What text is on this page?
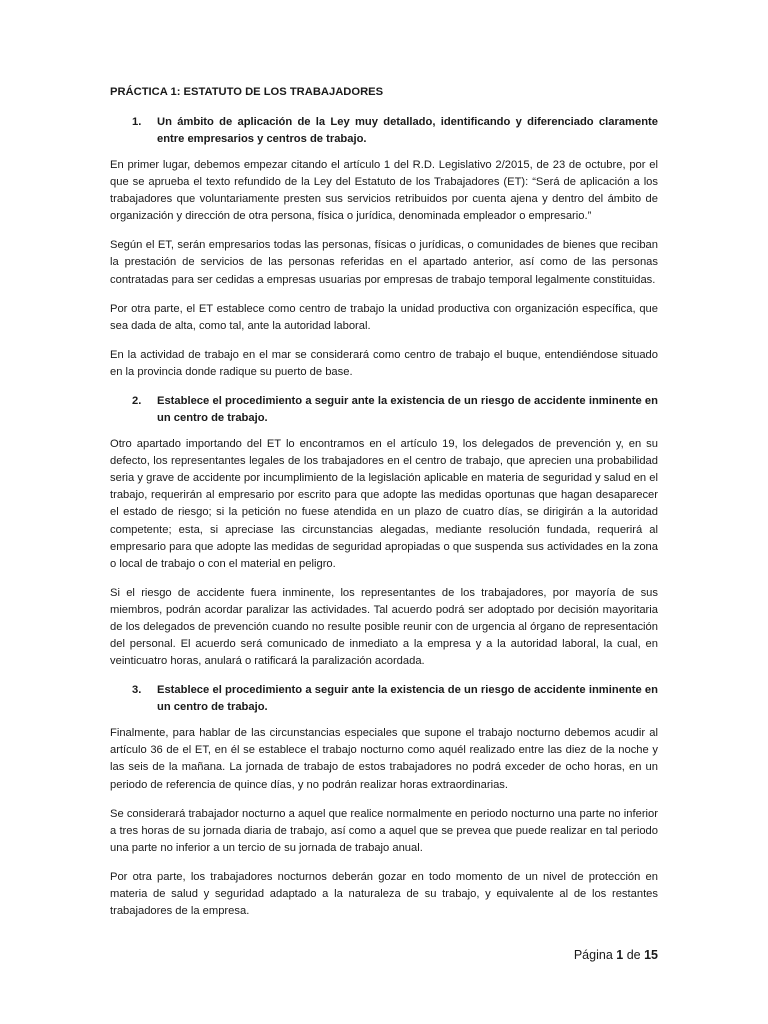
PRÁCTICA 1: ESTATUTO DE LOS TRABAJADORES
1.	Un ámbito de aplicación de la Ley muy detallado, identificando y diferenciado claramente entre empresarios y centros de trabajo.

En primer lugar, debemos empezar citando el artículo 1 del R.D. Legislativo 2/2015, de 23 de octubre, por el que se aprueba el texto refundido de la Ley del Estatuto de los Trabajadores (ET): “Será de aplicación a los trabajadores que voluntariamente presten sus servicios retribuidos por cuenta ajena y dentro del ámbito de organización y dirección de otra persona, física o jurídica, denominada empleador o empresario.”

Según el ET, serán empresarios todas las personas, físicas o jurídicas, o comunidades de bienes que reciban la prestación de servicios de las personas referidas en el apartado anterior, así como de las personas contratadas para ser cedidas a empresas usuarias por empresas de trabajo temporal legalmente constituidas.

Por otra parte, el ET establece como centro de trabajo la unidad productiva con organización específica, que sea dada de alta, como tal, ante la autoridad laboral.

En la actividad de trabajo en el mar se considerará como centro de trabajo el buque, entendiéndose situado en la provincia donde radique su puerto de base.

2.	Establece el procedimiento a seguir ante la existencia de un riesgo de accidente inminente en un centro de trabajo.

Otro apartado importando del ET lo encontramos en el artículo 19, los delegados de prevención y, en su defecto, los representantes legales de los trabajadores en el centro de trabajo, que aprecien una probabilidad seria y grave de accidente por incumplimiento de la legislación aplicable en materia de seguridad y salud en el trabajo, requerirán al empresario por escrito para que adopte las medidas oportunas que hagan desaparecer el estado de riesgo; si la petición no fuese atendida en un plazo de cuatro días, se dirigirán a la autoridad competente; esta, si apreciase las circunstancias alegadas, mediante resolución fundada, requerirá al empresario para que adopte las medidas de seguridad apropiadas o que suspenda sus actividades en la zona o local de trabajo o con el material en peligro.

Si el riesgo de accidente fuera inminente, los representantes de los trabajadores, por mayoría de sus miembros, podrán acordar paralizar las actividades. Tal acuerdo podrá ser adoptado por decisión mayoritaria de los delegados de prevención cuando no resulte posible reunir con de urgencia al órgano de representación del personal. El acuerdo será comunicado de inmediato a la empresa y a la autoridad laboral, la cual, en veinticuatro horas, anulará o ratificará la paralización acordada.

3.	Establece el procedimiento a seguir ante la existencia de un riesgo de accidente inminente en un centro de trabajo.

Finalmente, para hablar de las circunstancias especiales que supone el trabajo nocturno debemos acudir al artículo 36 de el ET, en él se establece el trabajo nocturno como aquél realizado entre las diez de la noche y las seis de la mañana. La jornada de trabajo de estos trabajadores no podrá exceder de ocho horas, en un periodo de referencia de quince días, y no podrán realizar horas extraordinarias.

Se considerará trabajador nocturno a aquel que realice normalmente en periodo nocturno una parte no inferior a tres horas de su jornada diaria de trabajo, así como a aquel que se prevea que puede realizar en tal periodo una parte no inferior a un tercio de su jornada de trabajo anual.

Por otra parte, los trabajadores nocturnos deberán gozar en todo momento de un nivel de protección en materia de salud y seguridad adaptado a la naturaleza de su trabajo, y equivalente al de los restantes trabajadores de la empresa.

Página 1 de 15
